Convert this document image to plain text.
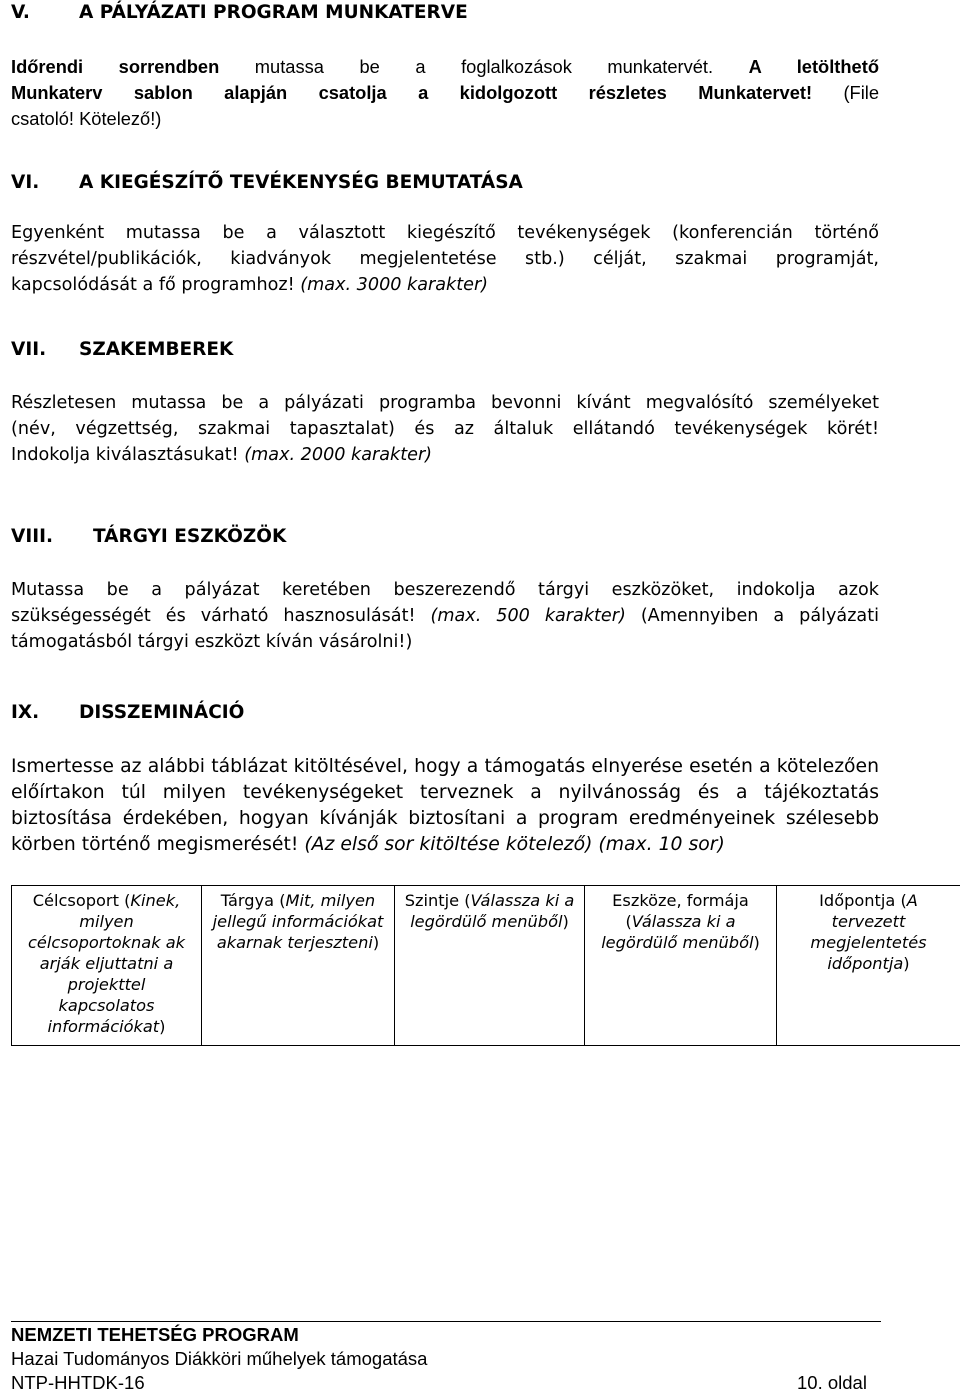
V.	A PÁLYÁZATI PROGRAM MUNKATERVE
Időrendi sorrendben mutassa be a foglalkozások munkatervét. A letölthető
Munkaterv sablon alapján csatolja a kidolgozott részletes Munkatervet! (File
csatoló! Kötelező!)
VI. A KIEGÉSZÍTŐ TEVÉKENYSÉG BEMUTATÁSA
Egyenként mutassa be a választott kiegészítő tevékenységek (konferencián történő
részvétel/publikációk, kiadványok megjelentetése stb.) célját, szakmai programját,
kapcsolódását a fő programhoz! (max. 3000 karakter)
VII. SZAKEMBEREK
Részletesen mutassa be a pályázati programba bevonni kívánt megvalósító személyeket
(név, végzettség, szakmai tapasztalat) és az általuk ellátandó tevékenységek körét!
Indokolja kiválasztásukat! (max. 2000 karakter)
VIII. TÁRGYI ESZKÖZÖK
Mutassa be a pályázat keretében beszerezendő tárgyi eszközöket, indokolja azok
szükségességét és várható hasznosulását! (max. 500 karakter) (Amennyiben a pályázati
támogatásból tárgyi eszközt kíván vásárolni!)
IX. DISSZEMINÁCIÓ
Ismertesse az alábbi táblázat kitöltésével, hogy a támogatás elnyerése esetén a kötelezően
előírtakon túl milyen tevékenységeket terveznek a nyilvánosság és a tájékoztatás
biztosítása érdekében, hogyan kívánják biztosítani a program eredményeinek szélesebb
körben történő megismerését! (Az első sor kitöltése kötelező) (max. 10 sor)
Célcsoport (Kinek, milyen célcsoportoknak ak arják eljuttatni a projekttel kapcsolatos információkat)	Tárgya (Mit, milyen jellegű információkat akarnak terjeszteni)	Szintje (Válassza ki a legördülő menüből)	Eszköze, formája (Válassza ki a legördülő menüből)	Időpontja (A tervezett megjelentetés időpontja)
NEMZETI TEHETSÉG PROGRAM
Hazai Tudományos Diákköri műhelyek támogatása
NTP-HHTDK-16	10. oldal
